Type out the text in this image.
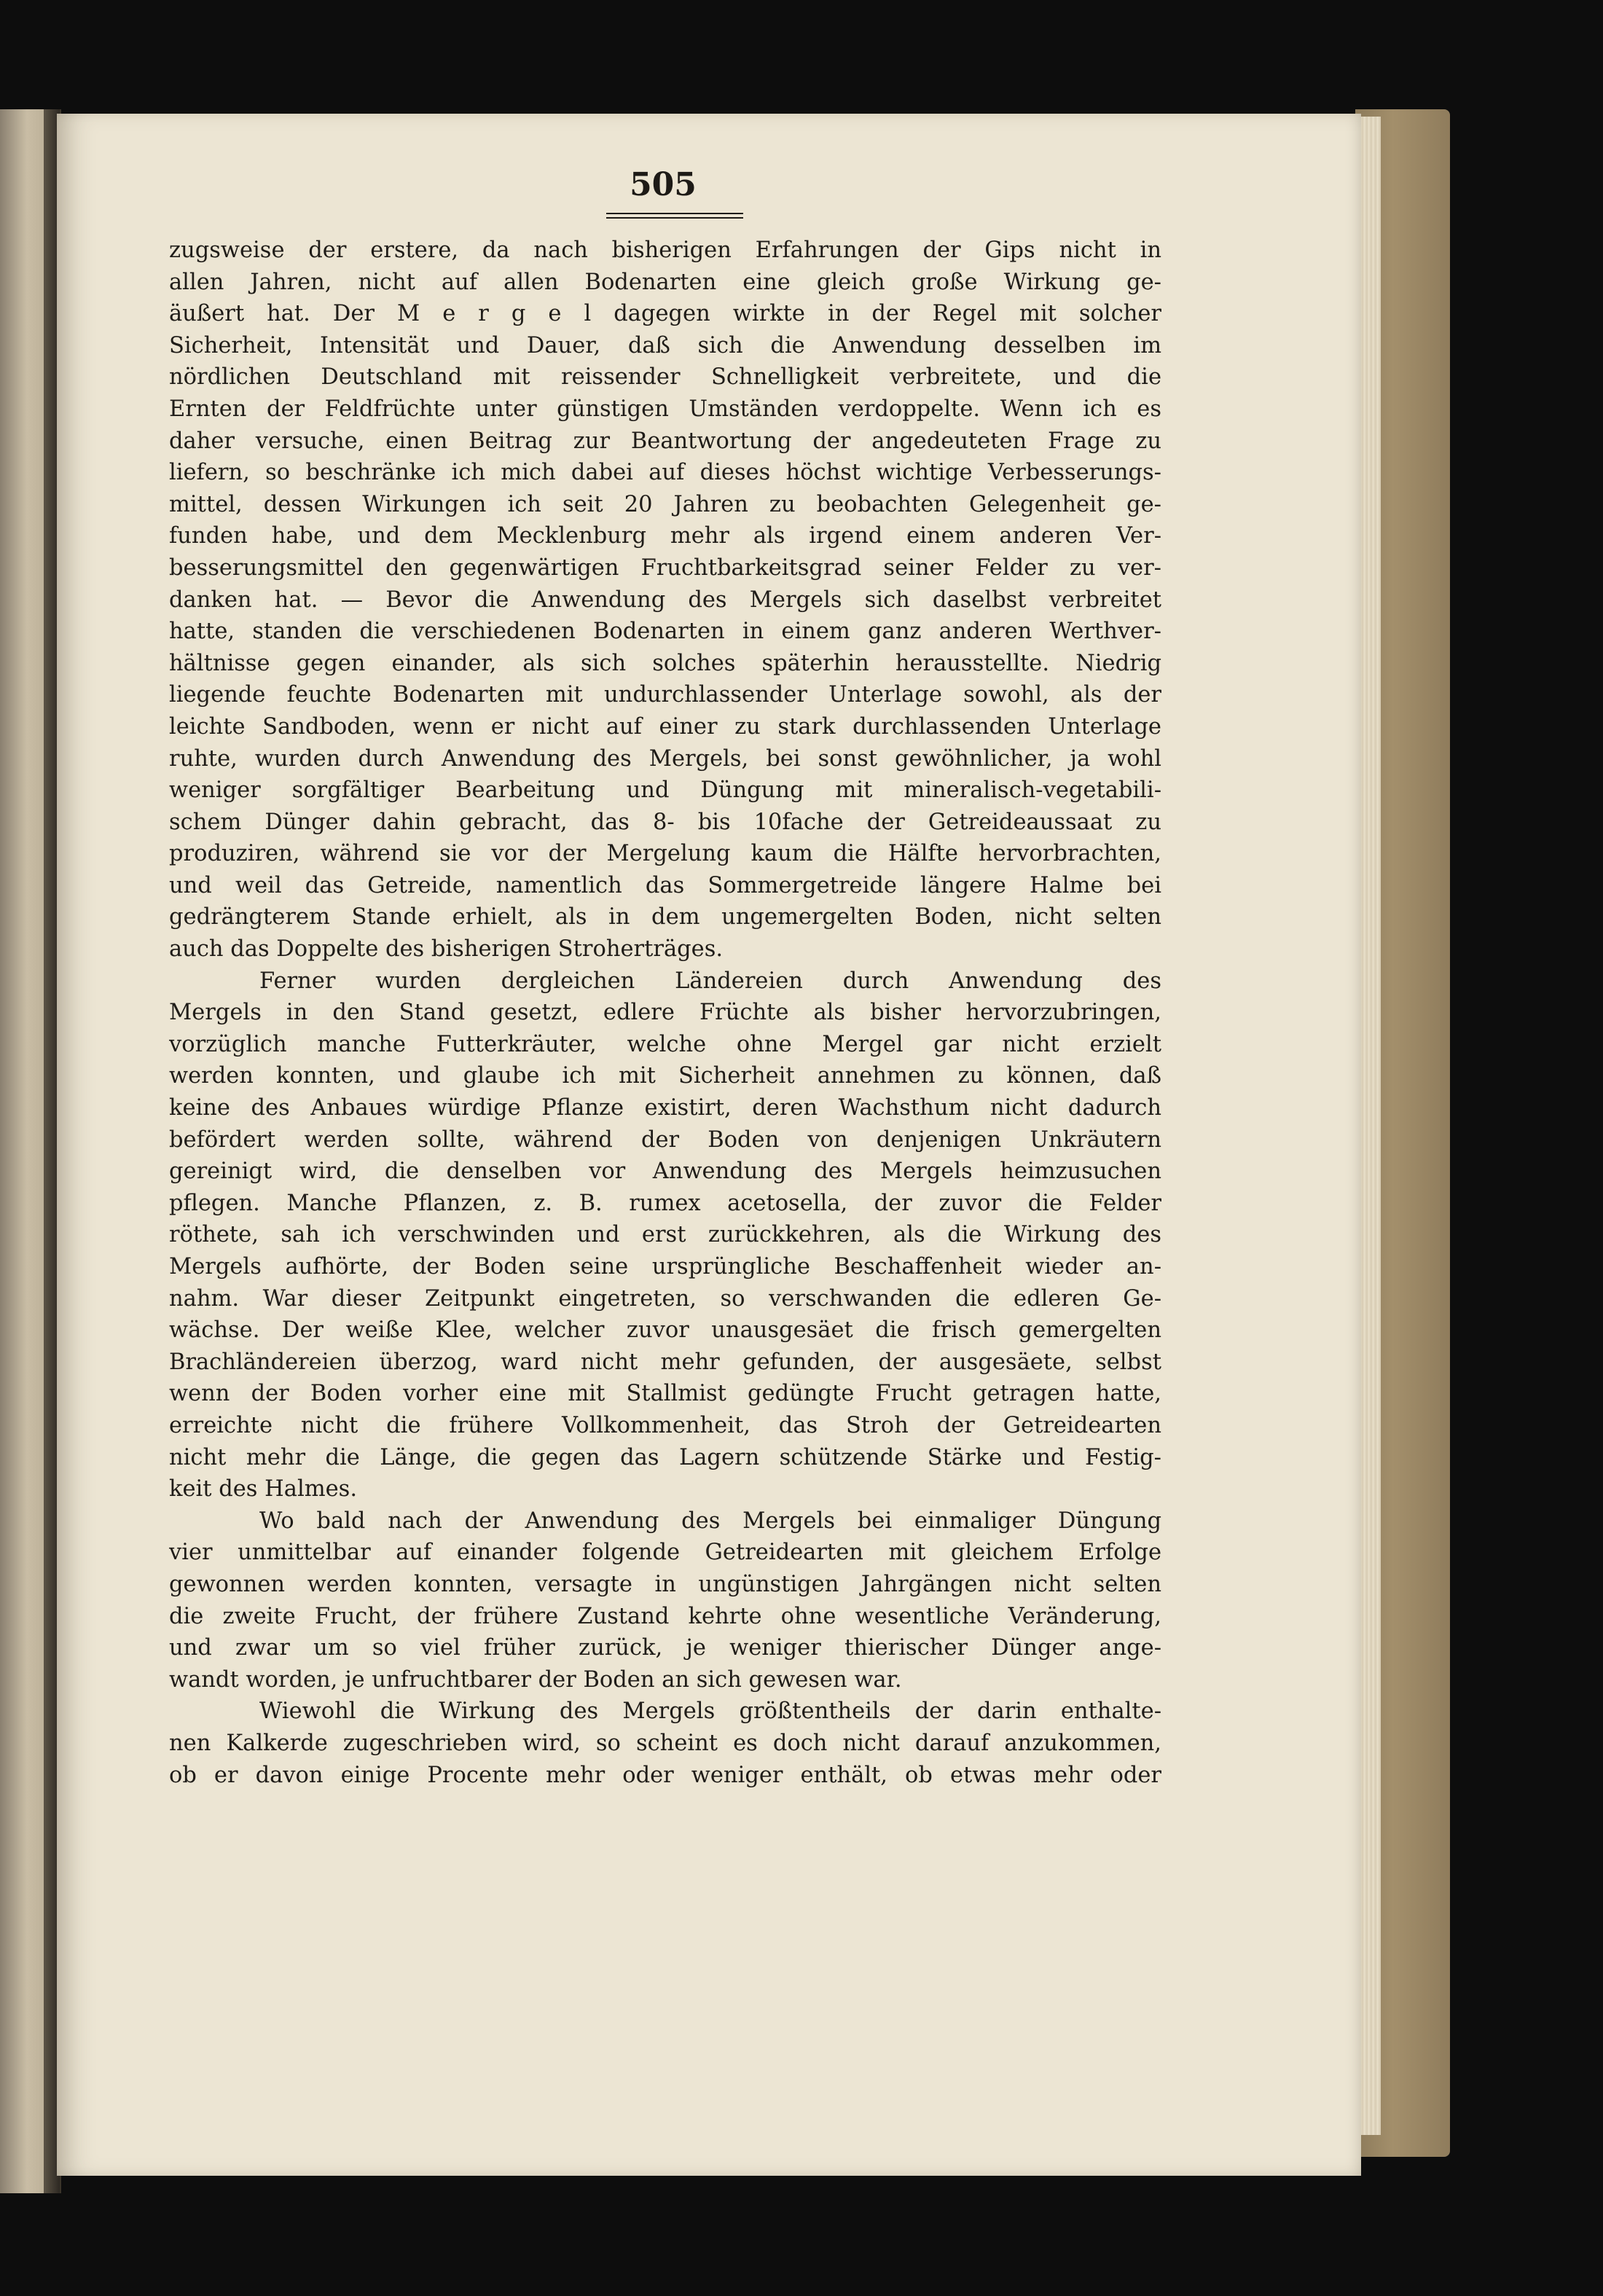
505
zugsweise der erstere, da nach bisherigen Erfahrungen der Gips nicht in
allen Jahren, nicht auf allen Bodenarten eine gleich große Wirkung ge-
äußert hat. Der M e r g e l dagegen wirkte in der Regel mit solcher
Sicherheit, Intensität und Dauer, daß sich die Anwendung desselben im
nördlichen Deutschland mit reissender Schnelligkeit verbreitete, und die
Ernten der Feldfrüchte unter günstigen Umständen verdoppelte. Wenn ich es
daher versuche, einen Beitrag zur Beantwortung der angedeuteten Frage zu
liefern, so beschränke ich mich dabei auf dieses höchst wichtige Verbesserungs-
mittel, dessen Wirkungen ich seit 20 Jahren zu beobachten Gelegenheit ge-
funden habe, und dem Mecklenburg mehr als irgend einem anderen Ver-
besserungsmittel den gegenwärtigen Fruchtbarkeitsgrad seiner Felder zu ver-
danken hat. — Bevor die Anwendung des Mergels sich daselbst verbreitet
hatte, standen die verschiedenen Bodenarten in einem ganz anderen Werthver-
hältnisse gegen einander, als sich solches späterhin herausstellte. Niedrig
liegende feuchte Bodenarten mit undurchlassender Unterlage sowohl, als der
leichte Sandboden, wenn er nicht auf einer zu stark durchlassenden Unterlage
ruhte, wurden durch Anwendung des Mergels, bei sonst gewöhnlicher, ja wohl
weniger sorgfältiger Bearbeitung und Düngung mit mineralisch-vegetabili-
schem Dünger dahin gebracht, das 8- bis 10fache der Getreideaussaat zu
produziren, während sie vor der Mergelung kaum die Hälfte hervorbrachten,
und weil das Getreide, namentlich das Sommergetreide längere Halme bei
gedrängterem Stande erhielt, als in dem ungemergelten Boden, nicht selten
auch das Doppelte des bisherigen Stroherträges.
Ferner wurden dergleichen Ländereien durch Anwendung des
Mergels in den Stand gesetzt, edlere Früchte als bisher hervorzubringen,
vorzüglich manche Futterkräuter, welche ohne Mergel gar nicht erzielt
werden konnten, und glaube ich mit Sicherheit annehmen zu können, daß
keine des Anbaues würdige Pflanze existirt, deren Wachsthum nicht dadurch
befördert werden sollte, während der Boden von denjenigen Unkräutern
gereinigt wird, die denselben vor Anwendung des Mergels heimzusuchen
pflegen. Manche Pflanzen, z. B. rumex acetosella, der zuvor die Felder
röthete, sah ich verschwinden und erst zurückkehren, als die Wirkung des
Mergels aufhörte, der Boden seine ursprüngliche Beschaffenheit wieder an-
nahm. War dieser Zeitpunkt eingetreten, so verschwanden die edleren Ge-
wächse. Der weiße Klee, welcher zuvor unausgesäet die frisch gemergelten
Brachländereien überzog, ward nicht mehr gefunden, der ausgesäete, selbst
wenn der Boden vorher eine mit Stallmist gedüngte Frucht getragen hatte,
erreichte nicht die frühere Vollkommenheit, das Stroh der Getreidearten
nicht mehr die Länge, die gegen das Lagern schützende Stärke und Festig-
keit des Halmes.
Wo bald nach der Anwendung des Mergels bei einmaliger Düngung
vier unmittelbar auf einander folgende Getreidearten mit gleichem Erfolge
gewonnen werden konnten, versagte in ungünstigen Jahrgängen nicht selten
die zweite Frucht, der frühere Zustand kehrte ohne wesentliche Veränderung,
und zwar um so viel früher zurück, je weniger thierischer Dünger ange-
wandt worden, je unfruchtbarer der Boden an sich gewesen war.
Wiewohl die Wirkung des Mergels größtentheils der darin enthalte-
nen Kalkerde zugeschrieben wird, so scheint es doch nicht darauf anzukommen,
ob er davon einige Procente mehr oder weniger enthält, ob etwas mehr oder
